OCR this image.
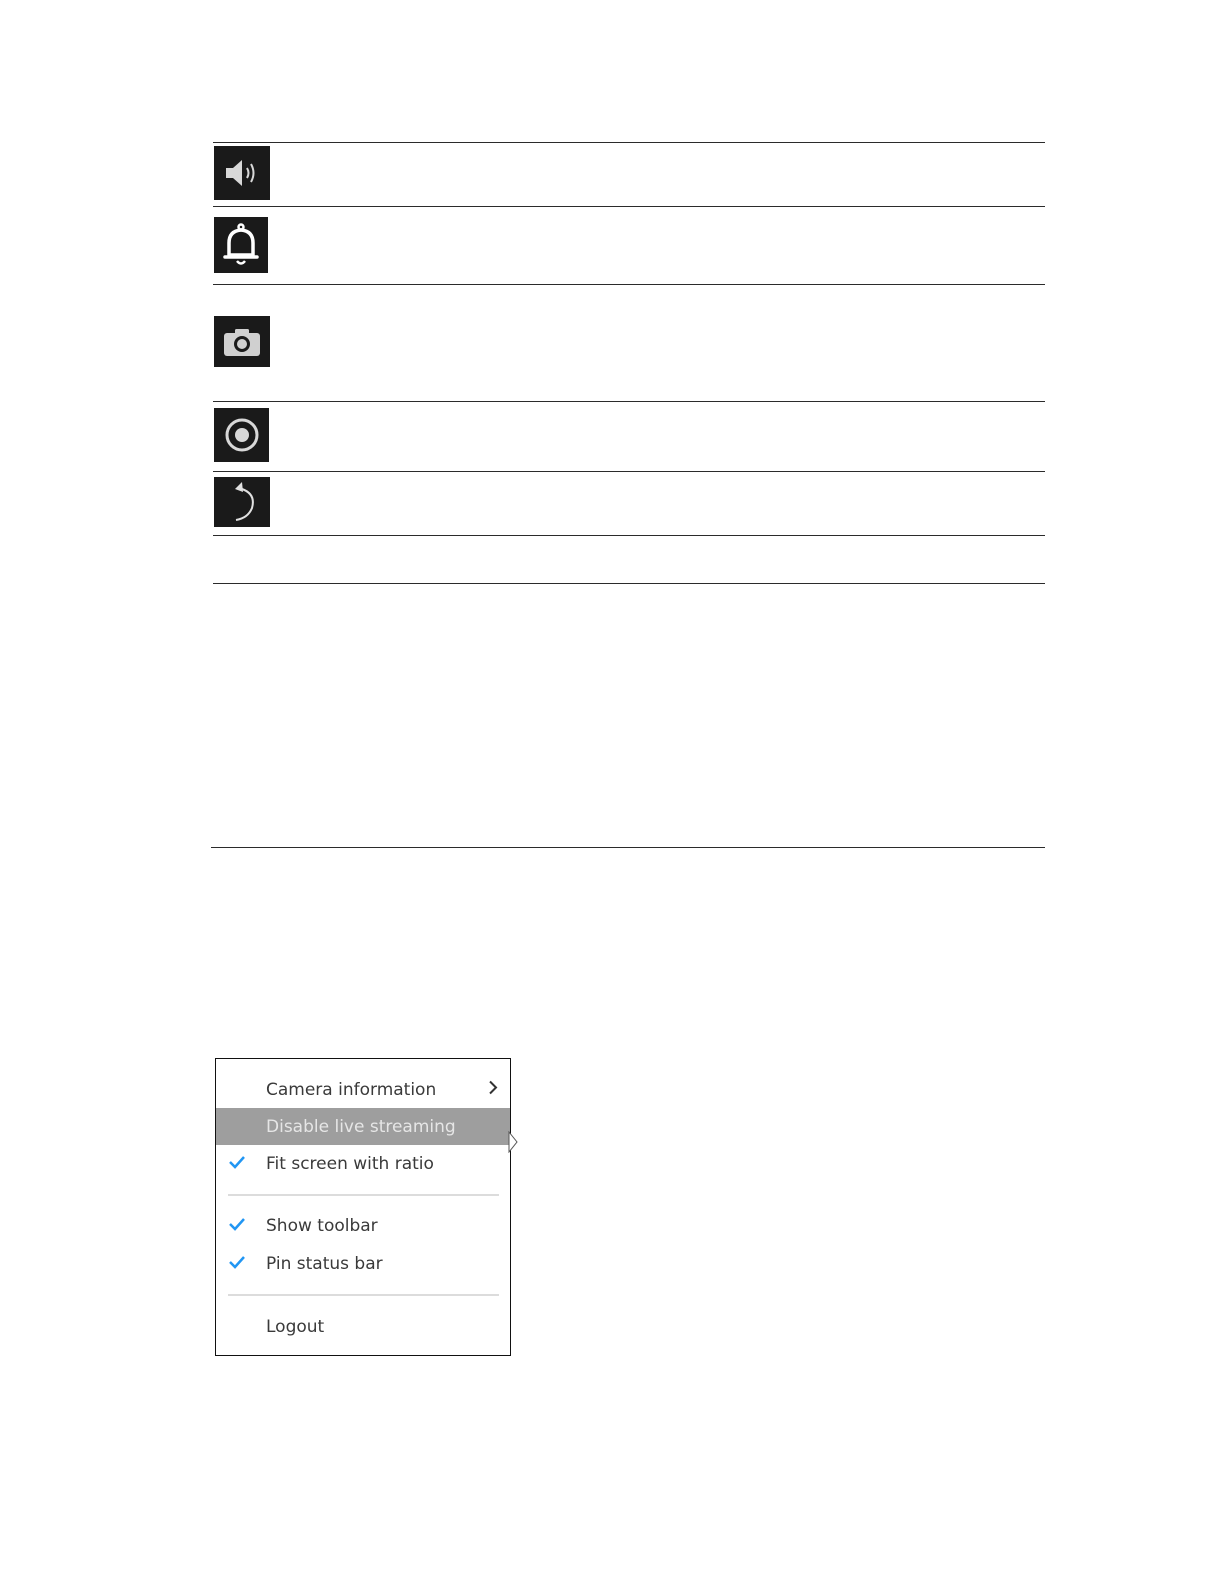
Camera information
Disable live streaming
Fit screen with ratio
Show toolbar
Pin status bar
Logout
